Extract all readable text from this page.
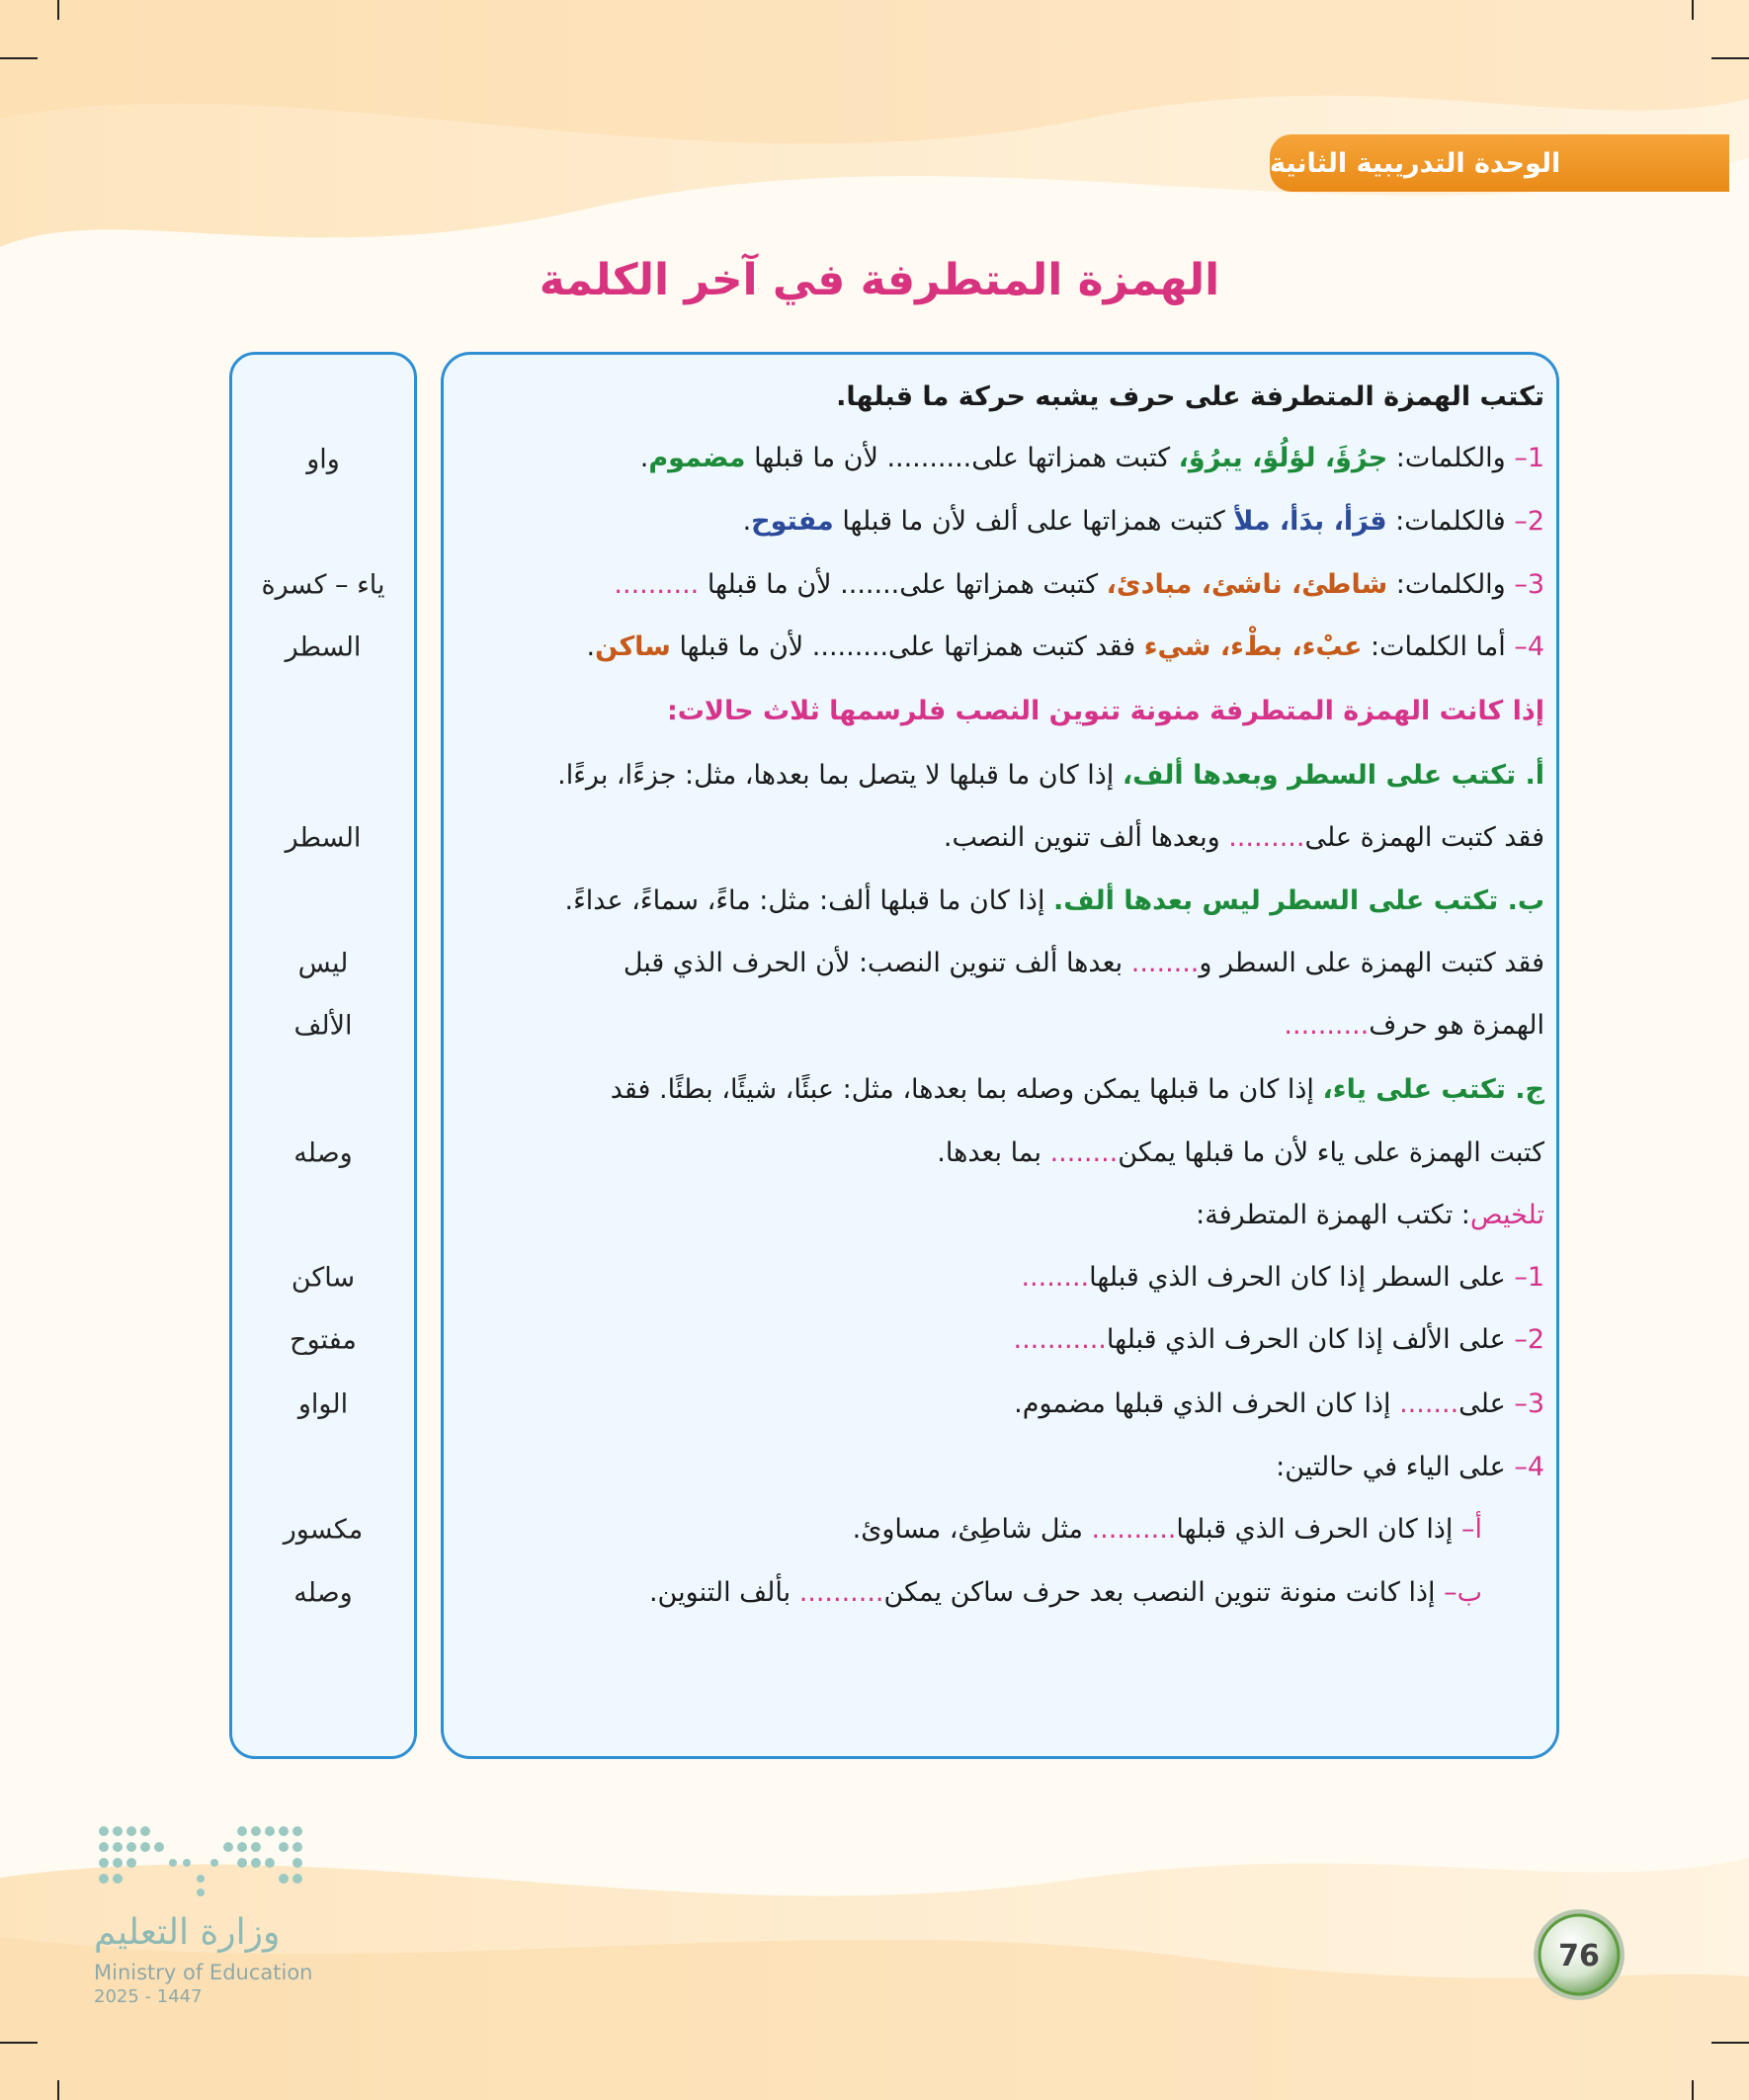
الوحدة التدريبية الثانية
الهمزة المتطرفة في آخر الكلمة
واو
ياء – كسرة
السطر
السطر
ليس
الألف
وصله
ساكن
مفتوح
الواو
مكسور
وصله
تكتب الهمزة المتطرفة على حرف يشبه حركة ما قبلها.
1– والكلمات: جرُؤَ، لؤلُؤ، يبرُؤ، كتبت همزاتها على.......... لأن ما قبلها مضموم.
2– فالكلمات: قرَأ، بدَأ، ملأ كتبت همزاتها على ألف لأن ما قبلها مفتوح.
3– والكلمات: شاطئ، ناشئ، مبادئ، كتبت همزاتها على....... لأن ما قبلها ..........
4– أما الكلمات: عبْء، بطْء، شيء فقد كتبت همزاتها على......... لأن ما قبلها ساكن.
إذا كانت الهمزة المتطرفة منونة تنوين النصب فلرسمها ثلاث حالات:
أ. تكتب على السطر وبعدها ألف، إذا كان ما قبلها لا يتصل بما بعدها، مثل: جزءًا، برءًا.
فقد كتبت الهمزة على......... وبعدها ألف تنوين النصب.
ب. تكتب على السطر ليس بعدها ألف. إذا كان ما قبلها ألف: مثل: ماءً، سماءً، عداءً.
فقد كتبت الهمزة على السطر و........ بعدها ألف تنوين النصب: لأن الحرف الذي قبل
الهمزة هو حرف..........
ج. تكتب على ياء، إذا كان ما قبلها يمكن وصله بما بعدها، مثل: عبئًا، شيئًا، بطئًا. فقد
كتبت الهمزة على ياء لأن ما قبلها يمكن........ بما بعدها.
تلخيص: تكتب الهمزة المتطرفة:
1– على السطر إذا كان الحرف الذي قبلها........
2– على الألف إذا كان الحرف الذي قبلها...........
3– على....... إذا كان الحرف الذي قبلها مضموم.
4– على الياء في حالتين:
أ– إذا كان الحرف الذي قبلها.......... مثل شاطِئ، مساوئ.
ب– إذا كانت منونة تنوين النصب بعد حرف ساكن يمكن.......... بألف التنوين.
وزارة التعليم
Ministry of Education
2025 - 1447
76
